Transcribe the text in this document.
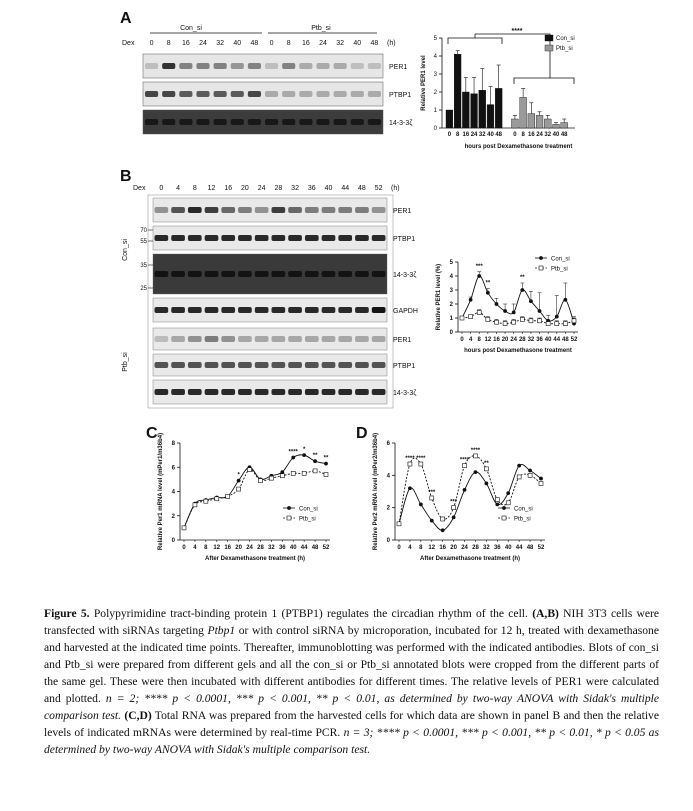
A
B
C	D
Con_si	Ptb_si
Dex 0 8 16 24 32 40 48 0 8 16 24 32 40 48 (h)
PER1
PTBP1
14-3-3ζ
0
1
2
3
4
5
Relative PER1 level
0 8 16 24 32 40 48 0 8 16 24 32 40 48
hours post Dexamethasone treatment
****
Con_si
Ptb_si
Dex 0 4 8 12 16 20 24 28 32 36 40 44 48 52 (h)
PER1
PTBP1
14-3-3ζ
GAPDH
PER1
PTBP1
14-3-3ζ
70
55
35
25
Con_si
Ptb_si
0
1
2
3
4
5
0 4 8 12 16 20 24 28 32 36 40 44 48 52
hours post Dexamethasone treatment
Relative PER1 level (%)	***
**
**
Con_si
Ptb_si
0
2
4
6
8
0 4 8 12 16 20 24 28 32 36 40 44 48 52
After Dexamethasone treatment (h)
Relative Per1 mRNA level (mPer1/m36b4)	*
**** *
** **
Con_si
Ptb_si
0
2
4
6
0 4 8 12 16 20 24 28 32 36 40 44 48 52
After Dexamethasone treatment (h)
Relative Per2 mRNA level (mPer2/m36b4)	**** ****
***
***
****
****
**
Con_si
Ptb_si
Figure 5. Polypyrimidine tract-binding protein 1 (PTBP1) regulates the circadian rhythm of the cell. (A,B) NIH 3T3 cells were transfected with siRNAs targeting Ptbp1 or with control siRNA by microporation, incubated for 12 h, treated with dexamethasone and harvested at the indicated time points. Thereafter, immunoblotting was performed with the indicated antibodies. Blots of con_si and Ptb_si were prepared from different gels and all the con_si or Ptb_si annotated blots were cropped from the different parts of the same gel. These were then incubated with different antibodies for different times. The relative levels of PER1 were calculated and plotted. n = 2; **** p < 0.0001, *** p < 0.001, ** p < 0.01, as determined by two-way ANOVA with Sidak's multiple comparison test. (C,D) Total RNA was prepared from the harvested cells for which data are shown in panel B and then the relative levels of indicated mRNAs were determined by real-time PCR. n = 3; **** p < 0.0001, *** p < 0.001, ** p < 0.01, * p < 0.05 as determined by two-way ANOVA with Sidak's multiple comparison test.
